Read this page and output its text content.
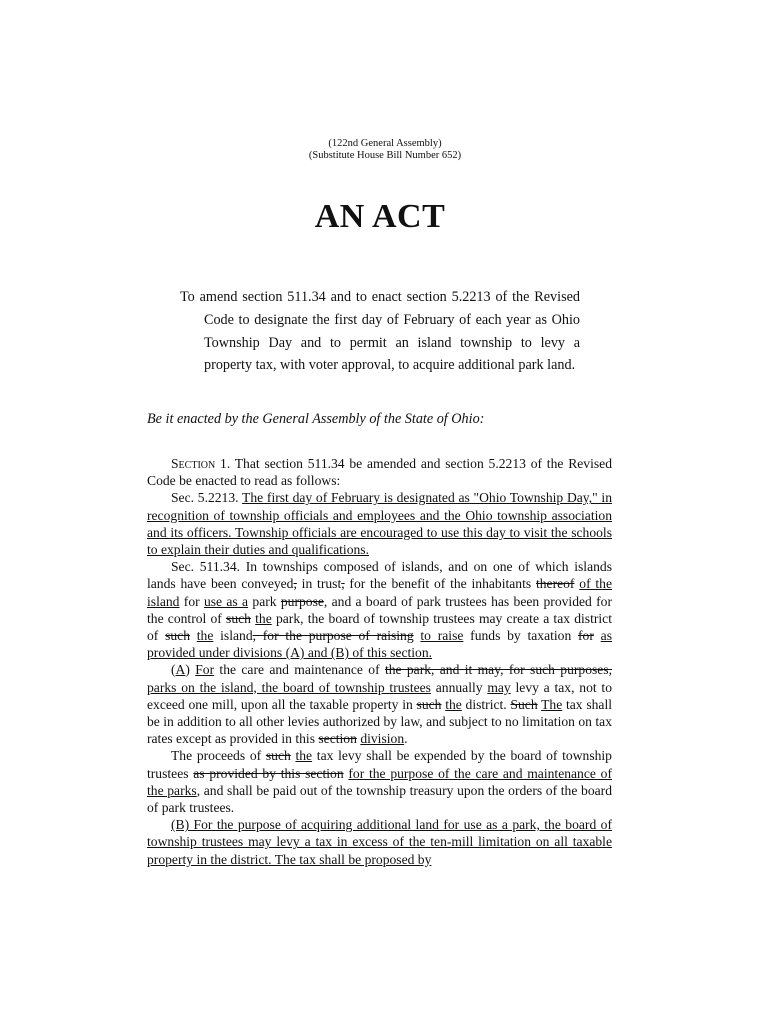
(122nd General Assembly)
(Substitute House Bill Number 652)
AN ACT
To amend section 511.34 and to enact section 5.2213 of the Revised Code to designate the first day of February of each year as Ohio Township Day and to permit an island township to levy a property tax, with voter approval, to acquire additional park land.
Be it enacted by the General Assembly of the State of Ohio:

Section 1. That section 511.34 be amended and section 5.2213 of the Revised Code be enacted to read as follows:

Sec. 5.2213. The first day of February is designated as "Ohio Township Day," in recognition of township officials and employees and the Ohio township association and its officers. Township officials are encouraged to use this day to visit the schools to explain their duties and qualifications.

Sec. 511.34. In townships composed of islands, and on one of which islands lands have been conveyed, in trust, for the benefit of the inhabitants thereof of the island for use as a park purpose, and a board of park trustees has been provided for the control of such the park, the board of township trustees may create a tax district of such the island, for the purpose of raising to raise funds by taxation for as provided under divisions (A) and (B) of this section.

(A) For the care and maintenance of the park, and it may, for such purposes, parks on the island, the board of township trustees annually may levy a tax, not to exceed one mill, upon all the taxable property in such the district. Such The tax shall be in addition to all other levies authorized by law, and subject to no limitation on tax rates except as provided in this section division.

The proceeds of such the tax levy shall be expended by the board of township trustees as provided by this section for the purpose of the care and maintenance of the parks, and shall be paid out of the township treasury upon the orders of the board of park trustees.

(B) For the purpose of acquiring additional land for use as a park, the board of township trustees may levy a tax in excess of the ten-mill limitation on all taxable property in the district. The tax shall be proposed by
